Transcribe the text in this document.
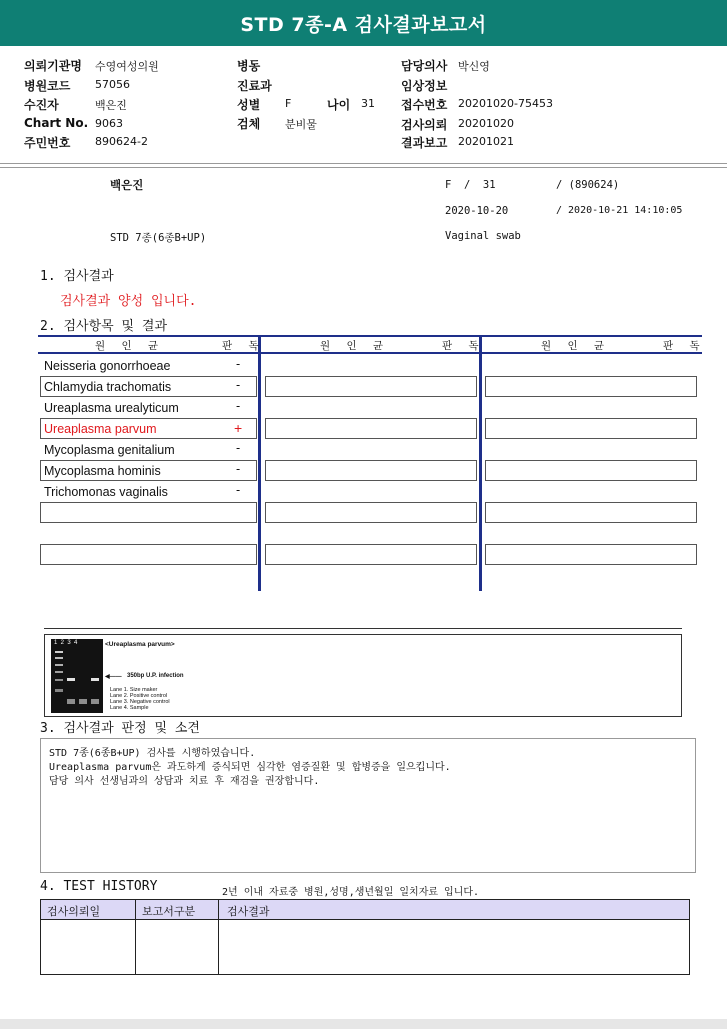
STD 7종-A 검사결과보고서
의뢰기관명 수영여성의원
병원코드 57056
수진자	백은진
Chart No. 9063
주민번호 890624-2
병동
진료과
성별 F	나이 31
검체 분비물
담당의사 박신영
임상정보
접수번호 20201020-75453
검사의뢰 20201020
결과보고 20201021
백은진	F  /  31	/ (890624)
2020-10-20	/ 2020-10-21 14:10:05
STD 7종(6종B+UP)	Vaginal swab
1. 검사결과
검사결과 양성 입니다.
2. 검사항목 및 결과
원 인 균	판 독	원 인 균	판 독	원 인 균	판 독
Neisseria gonorrhoeae	-
Chlamydia trachomatis	-
Ureaplasma urealyticum	-
Ureaplasma parvum	+
Mycoplasma genitalium	-
Mycoplasma hominis	-
Trichomonas vaginalis	-
1  2  3  4	<Ureaplasma parvum>
◀—— 350bp U.P. infection
Lane 1. Size maker
Lane 2. Positive control
Lane 3. Negative control
Lane 4. Sample
3. 검사결과 판정 및 소견
STD 7종(6종B+UP) 검사를 시행하였습니다.
Ureaplasma parvum은 과도하게 증식되면 심각한 염증질환 및 합병증을 일으킵니다.
담당 의사 선생님과의 상담과 치료 후 재검을 권장합니다.
4. TEST HISTORY	2년 이내 자료중 병원,성명,생년월일 일치자료 입니다.
검사의뢰일	보고서구분	검사결과
